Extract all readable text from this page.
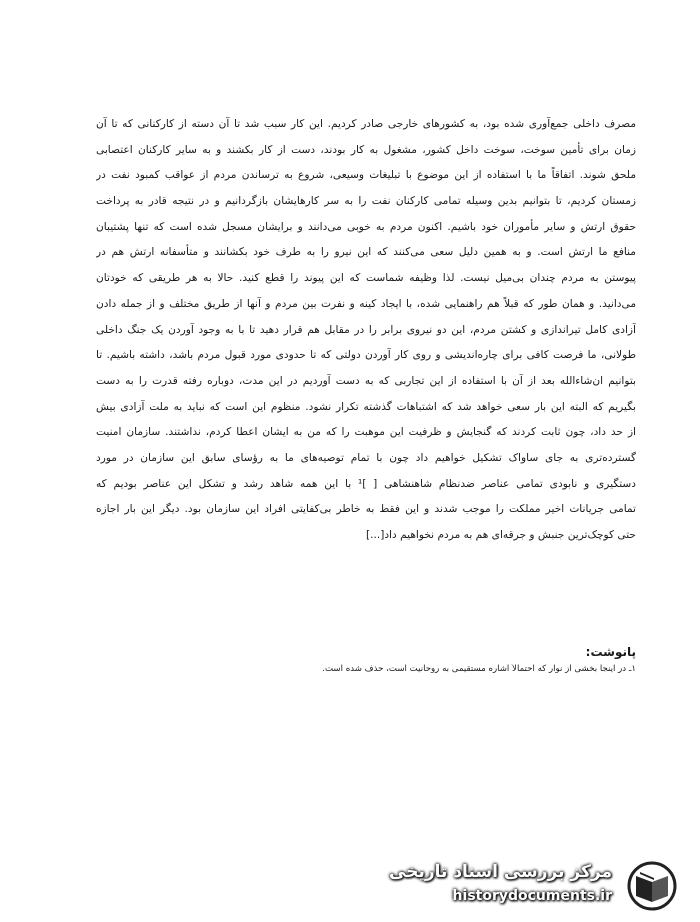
مصرف داخلی جمع‌آوری شده بود، به کشورهای خارجی صادر کردیم. این کار سبب شد تا آن دسته از کارکنانی که تا آن
زمان برای تأمین سوخت، سوخت داخل کشور، مشغول به کار بودند، دست از کار بکشند و به سایر کارکنان اعتصابی
ملحق شوند. اتفاقاً ما با استفاده از این موضوع با تبلیغات وسیعی، شروع به ترساندن مردم از عواقب کمبود نفت در
زمستان کردیم، تا بتوانیم بدین وسیله تمامی کارکنان نفت را به سر کارهایشان بازگردانیم و در نتیجه قادر به پرداخت
حقوق ارتش و سایر مأموران خود باشیم. اکنون مردم به خوبی می‌دانند و برایشان مسجل شده است که تنها پشتیبان
منافع ما ارتش است. و به همین دلیل سعی می‌کنند که این نیرو را به طرف خود بکشانند و متأسفانه ارتش هم در
پیوستن به مردم چندان بی‌میل نیست. لذا وظیفه شماست که این پیوند را قطع کنید. حالا به هر طریقی که خودتان
می‌دانید. و همان طور که قبلاً هم راهنمایی شده، با ایجاد کینه و نفرت بین مردم و آنها از طریق مختلف و از جمله دادن
آزادی کامل تیراندازی و کشتن مردم، این دو نیروی برابر را در مقابل هم قرار دهید تا با به وجود آوردن یک جنگ داخلی
طولانی، ما فرصت کافی برای چاره‌اندیشی و روی کار آوردن دولتی که تا حدودی مورد قبول مردم باشد، داشته باشیم. تا
بتوانیم ان‌شاءالله بعد از آن با استفاده از این تجاربی که به دست آوردیم در این مدت، دوباره رفته قدرت را به دست
بگیریم که البته این بار سعی خواهد شد که اشتباهات گذشته تکرار نشود. منظوم این است که نباید به ملت آزادی بیش
از حد داد، چون ثابت کردند که گنجایش و ظرفیت این موهبت را که من به ایشان اعطا کردم، نداشتند. سازمان امنیت
گسترده‌تری به جای ساواک تشکیل خواهیم داد چون با تمام توصیه‌های ما به رؤسای سابق این سازمان در مورد
دستگیری و نابودی تمامی عناصر ضدنظام شاهنشاهی [ ]¹ با این همه شاهد رشد و تشکل این عناصر بودیم که
تمامی جریانات اخیر مملکت را موجب شدند و این فقط به خاطر بی‌کفایتی افراد این سازمان بود. دیگر این بار اجازه
حتی کوچک‌ترین جنبش و جرقه‌ای هم به مردم نخواهیم داد[...]
پانوشت:
۱ـ در اینجا بخشی از نوار که احتمالاً اشاره مستقیمی به روحانیت است، حذف شده است.
مرکز بررسی اسناد تاریخی
historydocuments.ir
